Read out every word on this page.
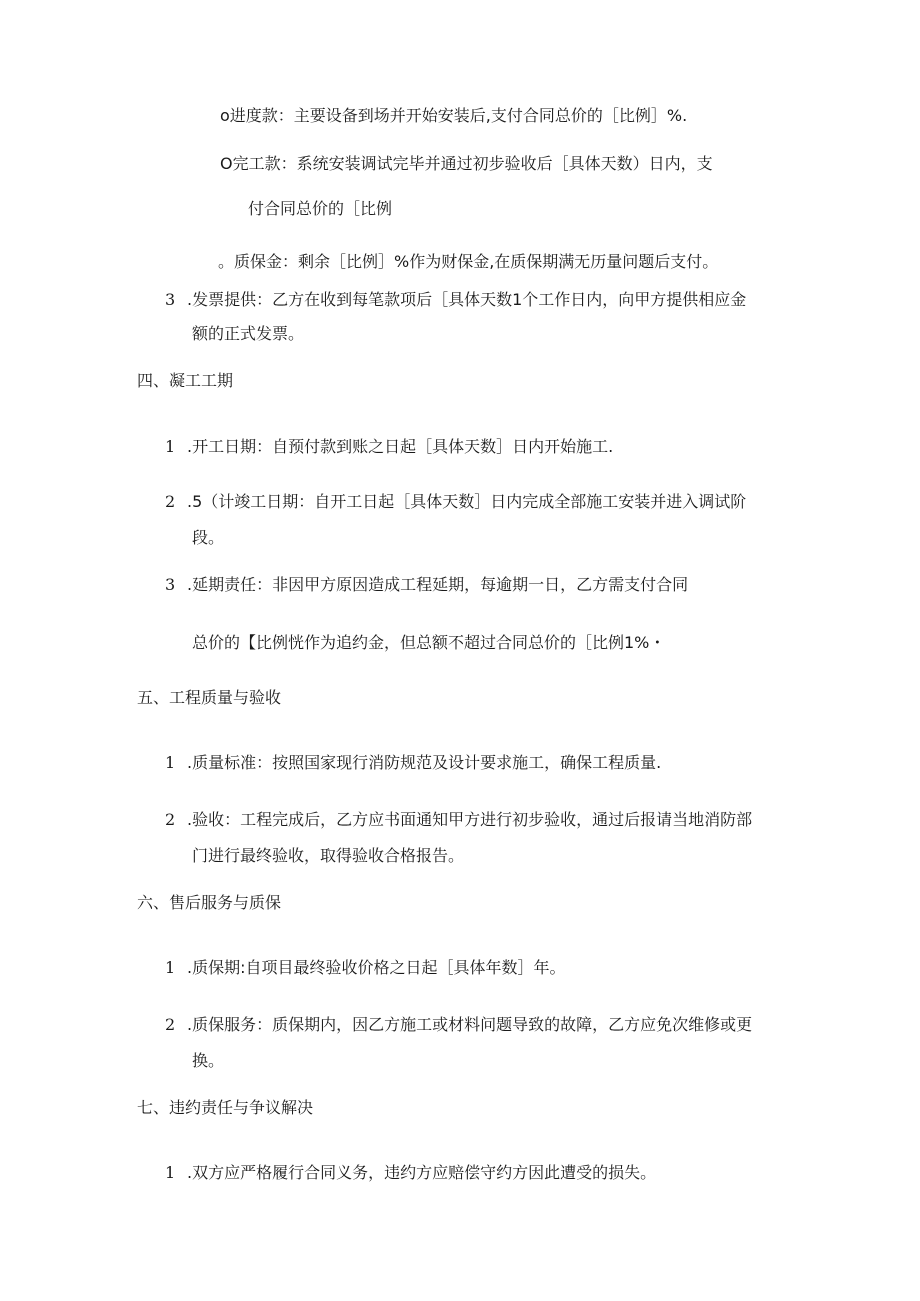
o进度款：主要设备到场并开始安装后,支付合同总价的［比例］%.
O完工款：系统安装调试完毕并通过初步验收后［具体天数）日内，支
付合同总价的［比例
。质保金：剩余［比例］%作为财保金,在质保期满无历量问题后支付。
3 .发票提供：乙方在收到每笔款项后［具体天数1个工作日内，向甲方提供相应金
额的正式发票。
四、凝工工期
1 .开工日期：自预付款到账之日起［具体天数］日内开始施工.
2 .5（计竣工日期：自开工日起［具体天数］日内完成全部施工安装并进入调试阶
段。
3 .延期责任：非因甲方原因造成工程延期，每逾期一日，乙方需支付合同
总价的【比例恍作为追约金，但总额不超过合同总价的［比例1%・
五、工程质量与验收
1 .质量标准：按照国家现行消防规范及设计要求施工，确保工程质量.
2 .验收：工程完成后，乙方应书面通知甲方进行初步验收，通过后报请当地消防部
门进行最终验收，取得验收合格报告。
六、售后服务与质保
1 .质保期:自项目最终验收价格之日起［具体年数］年。
2 .质保服务：质保期内，因乙方施工或材料问题导致的故障，乙方应免次维修或更
换。
七、违约责任与争议解决
1 .双方应严格履行合同义务，违约方应赔偿守约方因此遭受的损失。
